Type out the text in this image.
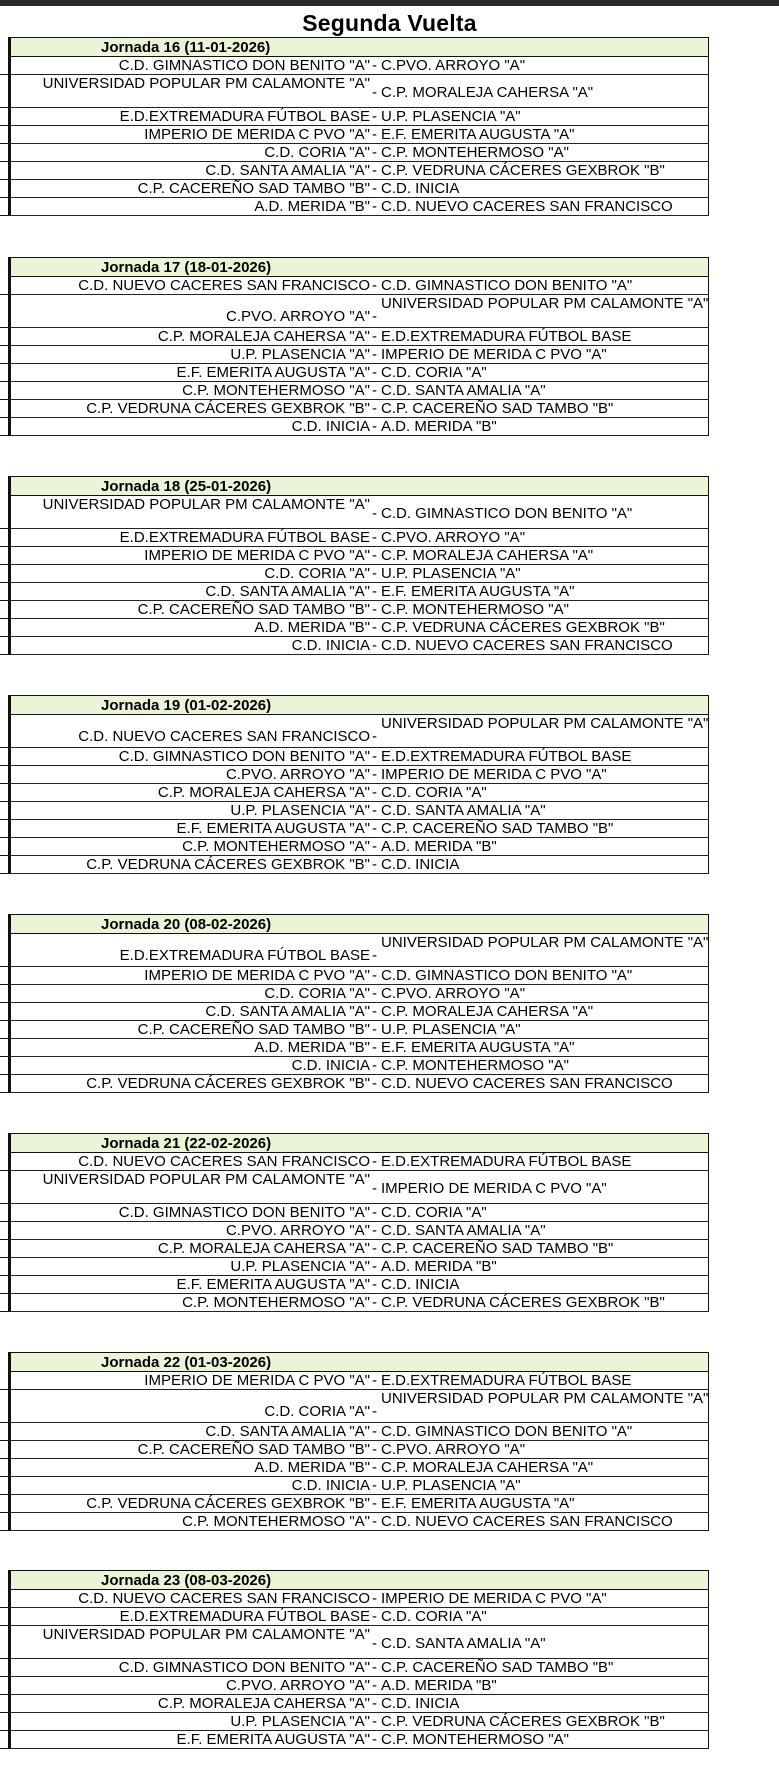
Segunda Vuelta
Jornada 16 (11-01-2026)
C.D. GIMNASTICO DON BENITO "A" - C.PVO. ARROYO "A"
UNIVERSIDAD POPULAR PM CALAMONTE "A"
- C.P. MORALEJA CAHERSA "A"
E.D.EXTREMADURA FÚTBOL BASE - U.P. PLASENCIA "A"
IMPERIO DE MERIDA C PVO "A" - E.F. EMERITA AUGUSTA "A"
C.D. CORIA "A" - C.P. MONTEHERMOSO "A"
C.D. SANTA AMALIA "A" - C.P. VEDRUNA CÁCERES GEXBROK "B"
C.P. CACEREÑO SAD TAMBO "B" - C.D. INICIA
A.D. MERIDA "B" - C.D. NUEVO CACERES SAN FRANCISCO
Jornada 17 (18-01-2026)
C.D. NUEVO CACERES SAN FRANCISCO - C.D. GIMNASTICO DON BENITO "A"
C.PVO. ARROYO "A" -
UNIVERSIDAD POPULAR PM CALAMONTE "A"
C.P. MORALEJA CAHERSA "A" - E.D.EXTREMADURA FÚTBOL BASE
U.P. PLASENCIA "A" - IMPERIO DE MERIDA C PVO "A"
E.F. EMERITA AUGUSTA "A" - C.D. CORIA "A"
C.P. MONTEHERMOSO "A" - C.D. SANTA AMALIA "A"
C.P. VEDRUNA CÁCERES GEXBROK "B" - C.P. CACEREÑO SAD TAMBO "B"
C.D. INICIA - A.D. MERIDA "B"
Jornada 18 (25-01-2026)
UNIVERSIDAD POPULAR PM CALAMONTE "A"
- C.D. GIMNASTICO DON BENITO "A"
E.D.EXTREMADURA FÚTBOL BASE - C.PVO. ARROYO "A"
IMPERIO DE MERIDA C PVO "A" - C.P. MORALEJA CAHERSA "A"
C.D. CORIA "A" - U.P. PLASENCIA "A"
C.D. SANTA AMALIA "A" - E.F. EMERITA AUGUSTA "A"
C.P. CACEREÑO SAD TAMBO "B" - C.P. MONTEHERMOSO "A"
A.D. MERIDA "B" - C.P. VEDRUNA CÁCERES GEXBROK "B"
C.D. INICIA - C.D. NUEVO CACERES SAN FRANCISCO
Jornada 19 (01-02-2026)
C.D. NUEVO CACERES SAN FRANCISCO -
UNIVERSIDAD POPULAR PM CALAMONTE "A"
C.D. GIMNASTICO DON BENITO "A" - E.D.EXTREMADURA FÚTBOL BASE
C.PVO. ARROYO "A" - IMPERIO DE MERIDA C PVO "A"
C.P. MORALEJA CAHERSA "A" - C.D. CORIA "A"
U.P. PLASENCIA "A" - C.D. SANTA AMALIA "A"
E.F. EMERITA AUGUSTA "A" - C.P. CACEREÑO SAD TAMBO "B"
C.P. MONTEHERMOSO "A" - A.D. MERIDA "B"
C.P. VEDRUNA CÁCERES GEXBROK "B" - C.D. INICIA
Jornada 20 (08-02-2026)
E.D.EXTREMADURA FÚTBOL BASE -
UNIVERSIDAD POPULAR PM CALAMONTE "A"
IMPERIO DE MERIDA C PVO "A" - C.D. GIMNASTICO DON BENITO "A"
C.D. CORIA "A" - C.PVO. ARROYO "A"
C.D. SANTA AMALIA "A" - C.P. MORALEJA CAHERSA "A"
C.P. CACEREÑO SAD TAMBO "B" - U.P. PLASENCIA "A"
A.D. MERIDA "B" - E.F. EMERITA AUGUSTA "A"
C.D. INICIA - C.P. MONTEHERMOSO "A"
C.P. VEDRUNA CÁCERES GEXBROK "B" - C.D. NUEVO CACERES SAN FRANCISCO
Jornada 21 (22-02-2026)
C.D. NUEVO CACERES SAN FRANCISCO - E.D.EXTREMADURA FÚTBOL BASE
UNIVERSIDAD POPULAR PM CALAMONTE "A"
- IMPERIO DE MERIDA C PVO "A"
C.D. GIMNASTICO DON BENITO "A" - C.D. CORIA "A"
C.PVO. ARROYO "A" - C.D. SANTA AMALIA "A"
C.P. MORALEJA CAHERSA "A" - C.P. CACEREÑO SAD TAMBO "B"
U.P. PLASENCIA "A" - A.D. MERIDA "B"
E.F. EMERITA AUGUSTA "A" - C.D. INICIA
C.P. MONTEHERMOSO "A" - C.P. VEDRUNA CÁCERES GEXBROK "B"
Jornada 22 (01-03-2026)
IMPERIO DE MERIDA C PVO "A" - E.D.EXTREMADURA FÚTBOL BASE
C.D. CORIA "A" -
UNIVERSIDAD POPULAR PM CALAMONTE "A"
C.D. SANTA AMALIA "A" - C.D. GIMNASTICO DON BENITO "A"
C.P. CACEREÑO SAD TAMBO "B" - C.PVO. ARROYO "A"
A.D. MERIDA "B" - C.P. MORALEJA CAHERSA "A"
C.D. INICIA - U.P. PLASENCIA "A"
C.P. VEDRUNA CÁCERES GEXBROK "B" - E.F. EMERITA AUGUSTA "A"
C.P. MONTEHERMOSO "A" - C.D. NUEVO CACERES SAN FRANCISCO
Jornada 23 (08-03-2026)
C.D. NUEVO CACERES SAN FRANCISCO - IMPERIO DE MERIDA C PVO "A"
E.D.EXTREMADURA FÚTBOL BASE - C.D. CORIA "A"
UNIVERSIDAD POPULAR PM CALAMONTE "A"
- C.D. SANTA AMALIA "A"
C.D. GIMNASTICO DON BENITO "A" - C.P. CACEREÑO SAD TAMBO "B"
C.PVO. ARROYO "A" - A.D. MERIDA "B"
C.P. MORALEJA CAHERSA "A" - C.D. INICIA
U.P. PLASENCIA "A" - C.P. VEDRUNA CÁCERES GEXBROK "B"
E.F. EMERITA AUGUSTA "A" - C.P. MONTEHERMOSO "A"
